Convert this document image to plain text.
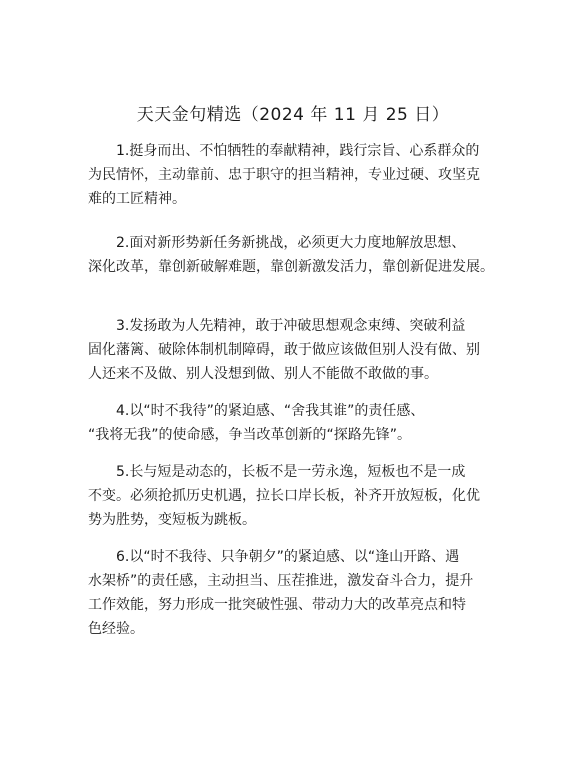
天天金句精选（2024 年 11 月 25 日）
1.挺身而出、不怕牺牲的奉献精神，践行宗旨、心系群众的
为民情怀，主动靠前、忠于职守的担当精神，专业过硬、攻坚克
难的工匠精神。
2.面对新形势新任务新挑战，必须更大力度地解放思想、
深化改革，靠创新破解难题，靠创新激发活力，靠创新促进发展。
3.发扬敢为人先精神，敢于冲破思想观念束缚、突破利益
固化藩篱、破除体制机制障碍，敢于做应该做但别人没有做、别
人还来不及做、别人没想到做、别人不能做不敢做的事。
4.以“时不我待”的紧迫感、“舍我其谁”的责任感、
“我将无我”的使命感，争当改革创新的“探路先锋”。
5.长与短是动态的，长板不是一劳永逸，短板也不是一成
不变。必须抢抓历史机遇，拉长口岸长板，补齐开放短板，化优
势为胜势，变短板为跳板。
6.以“时不我待、只争朝夕”的紧迫感、以“逢山开路、遇
水架桥”的责任感，主动担当、压茬推进，激发奋斗合力，提升
工作效能，努力形成一批突破性强、带动力大的改革亮点和特
色经验。
